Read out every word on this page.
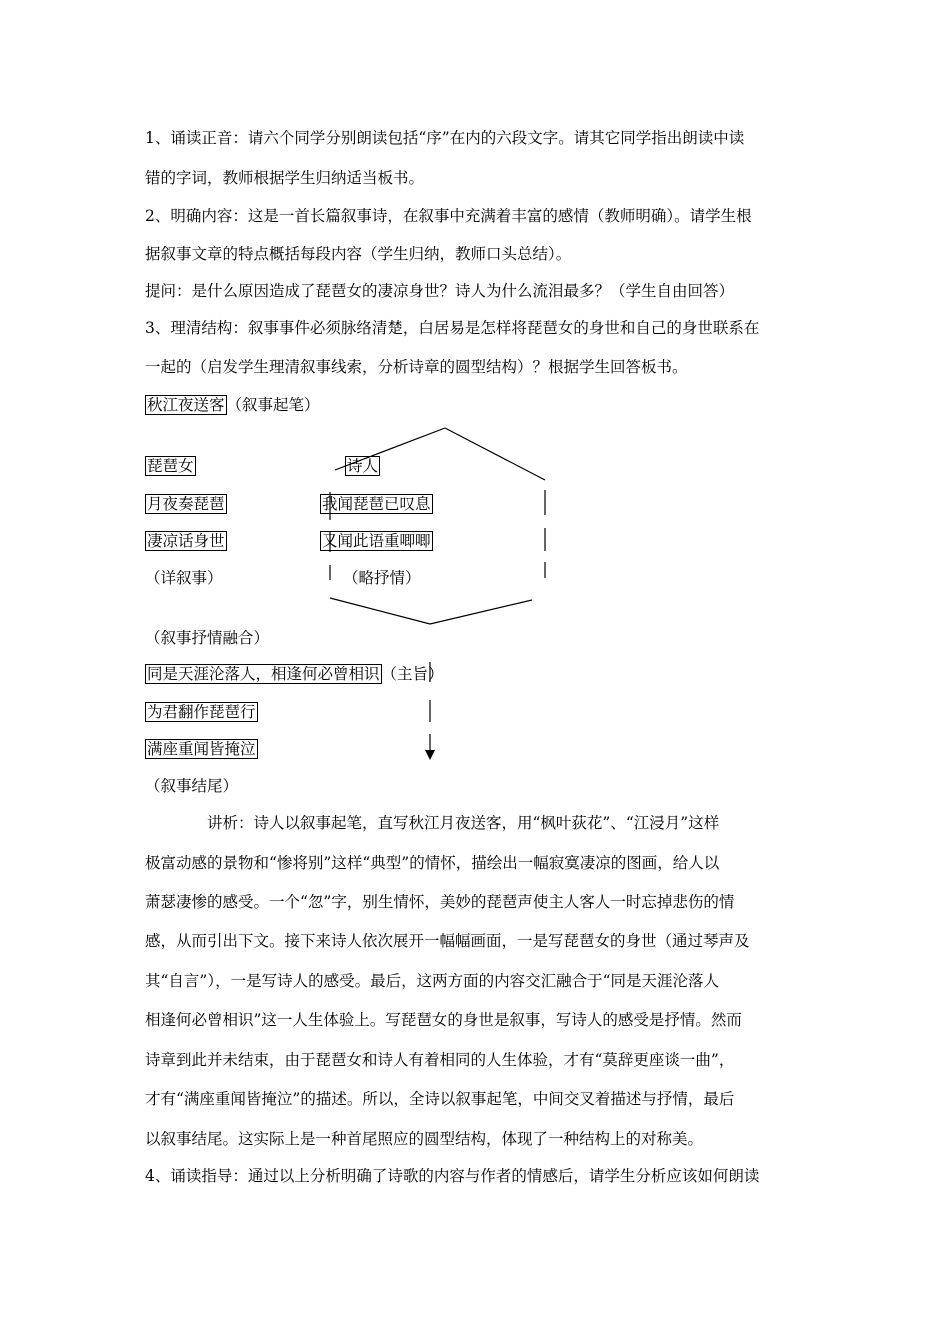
1、诵读正音：请六个同学分别朗读包括“序”在内的六段文字。请其它同学指出朗读中读
错的字词，教师根据学生归纳适当板书。
2、明确内容：这是一首长篇叙事诗，在叙事中充满着丰富的感情（教师明确）。请学生根
据叙事文章的特点概括每段内容（学生归纳，教师口头总结）。
提问：是什么原因造成了琵琶女的凄凉身世？诗人为什么流泪最多？（学生自由回答）
3、理清结构：叙事事件必须脉络清楚，白居易是怎样将琵琶女的身世和自己的身世联系在
一起的（启发学生理清叙事线索，分析诗章的圆型结构）？根据学生回答板书。
秋江夜送客 （叙事起笔）
琵琶女
月夜奏琵琶
凄凉话身世
（详叙事）
诗人
我闻琵琶已叹息
又闻此语重唧唧
（略抒情）
（叙事抒情融合）
同是天涯沦落人，相逢何必曾相识 （主旨）
为君翻作琵琶行
满座重闻皆掩泣
（叙事结尾）
讲析：诗人以叙事起笔，直写秋江月夜送客，用“枫叶荻花”、“江浸月”这样
极富动感的景物和“惨将别”这样“典型”的情怀，描绘出一幅寂寞凄凉的图画，给人以
萧瑟凄惨的感受。一个“忽”字，别生情怀，美妙的琵琶声使主人客人一时忘掉悲伤的情
感，从而引出下文。接下来诗人依次展开一幅幅画面，一是写琵琶女的身世（通过琴声及
其“自言”），一是写诗人的感受。最后，这两方面的内容交汇融合于“同是天涯沦落人
相逢何必曾相识”这一人生体验上。写琵琶女的身世是叙事，写诗人的感受是抒情。然而
诗章到此并未结束，由于琵琶女和诗人有着相同的人生体验，才有“莫辞更座谈一曲”，
才有“满座重闻皆掩泣”的描述。所以，全诗以叙事起笔，中间交叉着描述与抒情，最后
以叙事结尾。这实际上是一种首尾照应的圆型结构，体现了一种结构上的对称美。
4、诵读指导：通过以上分析明确了诗歌的内容与作者的情感后，请学生分析应该如何朗读
